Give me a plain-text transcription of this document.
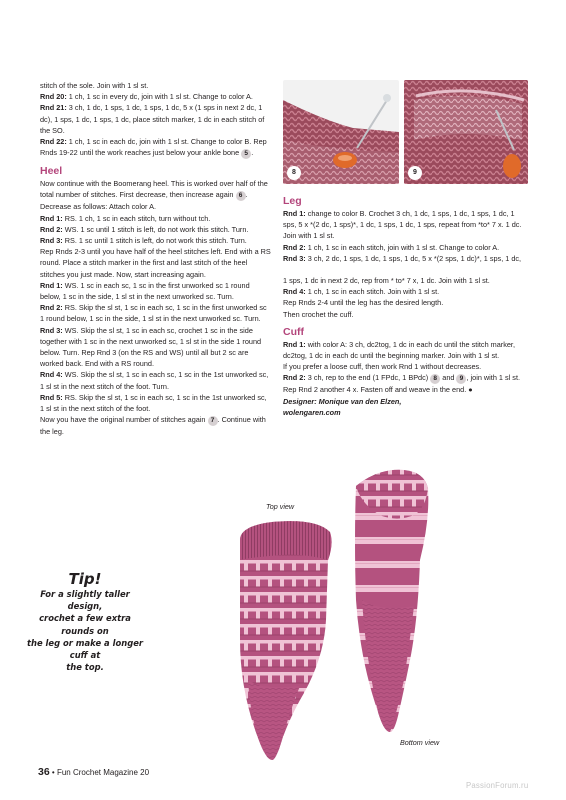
stitch of the sole. Join with 1 sl st.

Rnd 20: 1 ch, 1 sc in every dc, join with 1 sl st. Change to color A.

Rnd 21: 3 ch, 1 dc, 1 sps, 1 dc, 1 sps, 1 dc, 5 x (1 sps in next 2 dc, 1 dc), 1 sps, 1 dc, 1 sps, 1 dc, place stitch marker, 1 dc in each stitch of the SO.

Rnd 22: 1 ch, 1 sc in each dc, join with 1 sl st. Change to color B. Rep Rnds 19-22 until the work reaches just below your ankle bone 5 .

Heel

Now continue with the Boomerang heel. This is worked over half of the total number of stitches. First decrease, then increase again 6 . Decrease as follows: Attach color A.

Rnd 1: RS. 1 ch, 1 sc in each stitch, turn without tch.

Rnd 2: WS. 1 sc until 1 stitch is left, do not work this stitch. Turn.

Rnd 3: RS. 1 sc until 1 stitch is left, do not work this stitch. Turn.

Rep Rnds 2-3 until you have half of the heel stitches left. End with a RS round. Place a stitch marker in the first and last stitch of the heel stitches you just made. Now, start increasing again.

Rnd 1: WS. 1 sc in each sc, 1 sc in the first unworked sc 1 round below, 1 sc in the side, 1 sl st in the next unworked sc. Turn.

Rnd 2: RS. Skip the sl st, 1 sc in each sc, 1 sc in the first unworked sc 1 round below, 1 sc in the side, 1 sl st in the next unworked sc. Turn.

Rnd 3: WS. Skip the sl st, 1 sc in each sc, crochet 1 sc in the side together with 1 sc in the next unworked sc, 1 sl st in the side 1 round below. Turn. Rep Rnd 3 (on the RS and WS) until all but 2 sc are worked back. End with a RS round.

Rnd 4: WS. Skip the sl st, 1 sc in each sc, 1 sc in the 1st unworked sc, 1 sl st in the next stitch of the foot. Turn.

Rnd 5: RS. Skip the sl st, 1 sc in each sc, 1 sc in the 1st unworked sc, 1 sl st in the next stitch of the foot.

Now you have the original number of stitches again 7 . Continue with the leg.

8	9
Leg

Rnd 1: change to color B. Crochet 3 ch, 1 dc, 1 sps, 1 dc, 1 sps, 1 dc, 1 sps, 5 x *(2 dc, 1 sps)*, 1 dc, 1 sps, 1 dc, 1 sps, repeat from *to* 7 x. 1 dc. Join with 1 sl st.

Rnd 2: 1 ch, 1 sc in each stitch, join with 1 sl st. Change to color A.

Rnd 3: 3 ch, 2 dc, 1 sps, 1 dc, 1 sps, 1 dc, 5 x *(2 sps, 1 dc)*, 1 sps, 1 dc,

1 sps, 1 dc in next 2 dc, rep from * to* 7 x, 1 dc. Join with 1 sl st.

Rnd 4: 1 ch, 1 sc in each stitch. Join with 1 sl st.

Rep Rnds 2-4 until the leg has the desired length.

Then crochet the cuff.

Cuff

Rnd 1: with color A: 3 ch, dc2tog, 1 dc in each dc until the stitch marker, dc2tog, 1 dc in each dc until the beginning marker. Join with 1 sl st.

If you prefer a loose cuff, then work Rnd 1 without decreases.

Rnd 2: 3 ch, rep to the end (1 FPdc, 1 BPdc) 8 and 9 , join with 1 sl st. Rep Rnd 2 another 4 x. Fasten off and weave in the end. ●

Designer: Monique van den Elzen,

wolengaren.com

Top view
Bottom view
Tip!
For a slightly taller design,
crochet a few extra rounds on
the leg or make a longer cuff at
the top.
36 • Fun Crochet Magazine 20
PassionForum.ru
